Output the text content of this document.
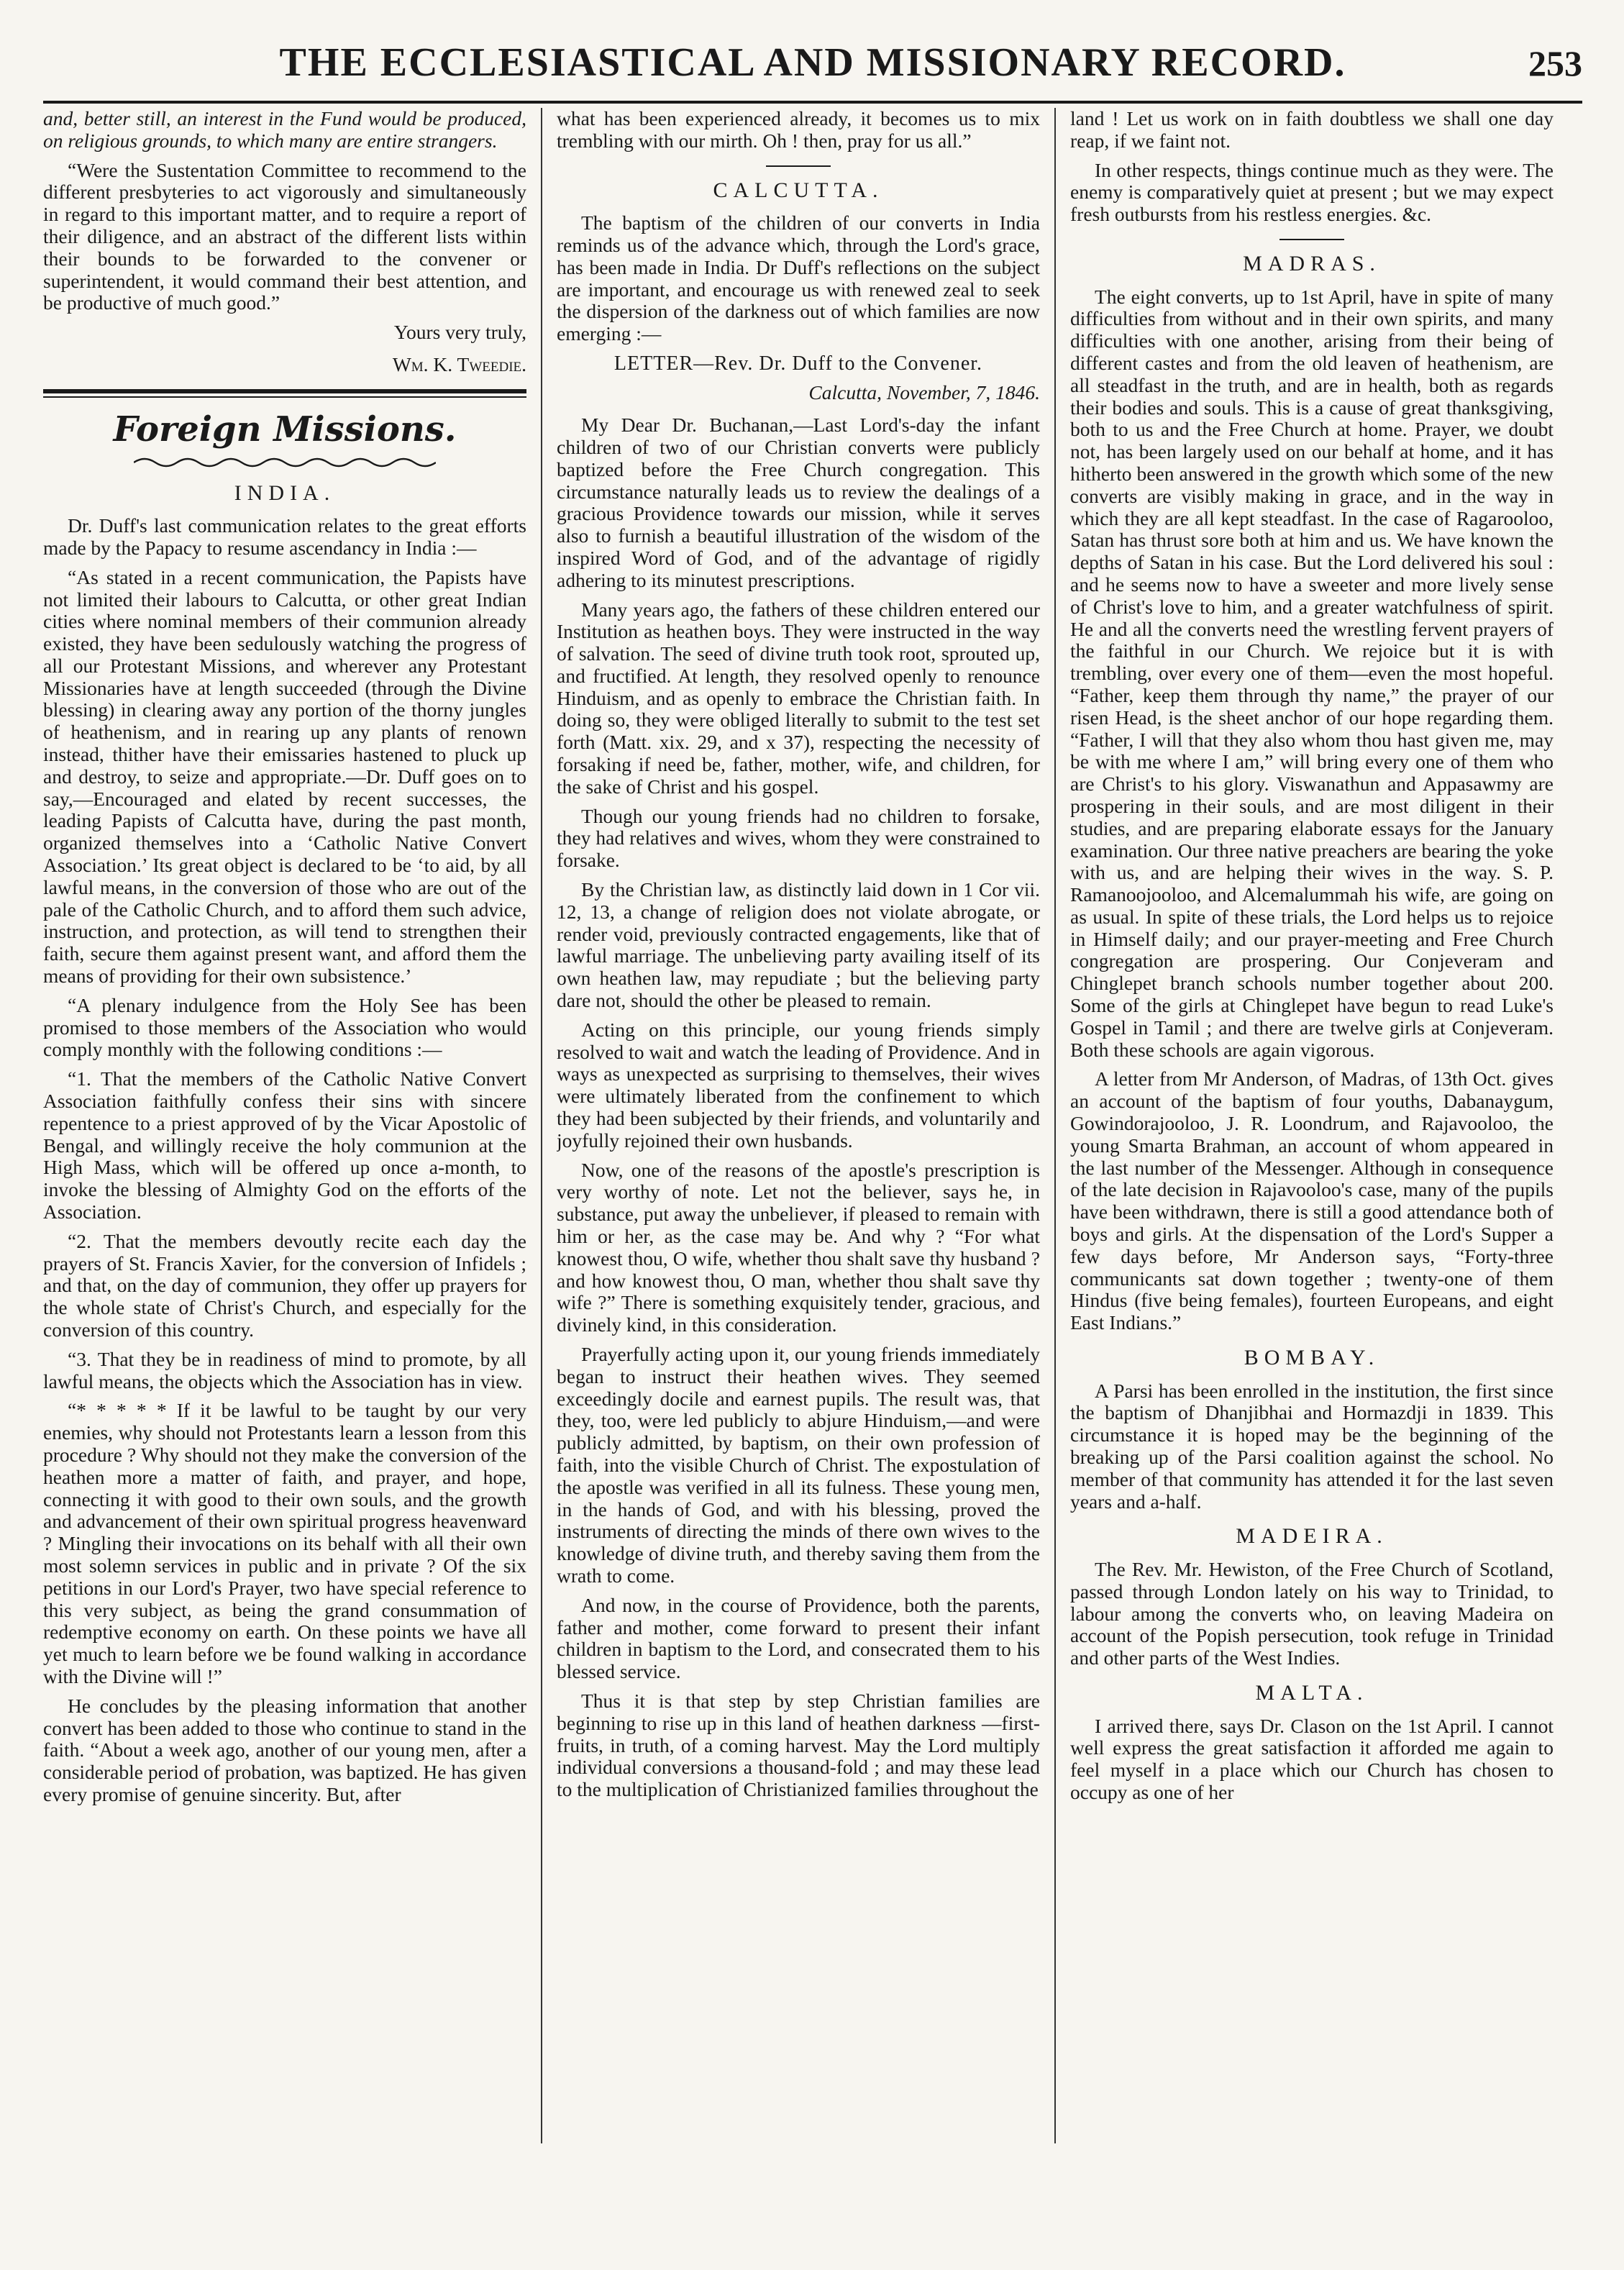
THE ECCLESIASTICAL AND MISSIONARY RECORD.	253

and, better still, an interest in the Fund would be produced, on religious grounds, to which many are entire strangers.

“Were the Sustentation Committee to recommend to the different presbyteries to act vigorously and simultaneously in regard to this important matter, and to require a report of their diligence, and an abstract of the different lists within their bounds to be forwarded to the convener or superintendent, it would command their best attention, and be productive of much good.”

Yours very truly,

Wm. K. Tweedie.

Foreign Missions.
INDIA.

Dr. Duff's last communication relates to the great efforts made by the Papacy to resume ascendancy in India :—

“As stated in a recent communication, the Papists have not limited their labours to Calcutta, or other great Indian cities where nominal members of their communion already existed, they have been sedulously watching the progress of all our Protestant Missions, and wherever any Protestant Missionaries have at length succeeded (through the Divine blessing) in clearing away any portion of the thorny jungles of heathenism, and in rearing up any plants of renown instead, thither have their emissaries hastened to pluck up and destroy, to seize and appropriate.—Dr. Duff goes on to say,—Encouraged and elated by recent successes, the leading Papists of Calcutta have, during the past month, organized themselves into a ‘Catholic Native Convert Association.’ Its great object is declared to be ‘to aid, by all lawful means, in the conversion of those who are out of the pale of the Catholic Church, and to afford them such advice, instruction, and protection, as will tend to strengthen their faith, secure them against present want, and afford them the means of providing for their own subsistence.’

“A plenary indulgence from the Holy See has been promised to those members of the Association who would comply monthly with the following conditions :—

“1. That the members of the Catholic Native Convert Association faithfully confess their sins with sincere repentence to a priest approved of by the Vicar Apostolic of Bengal, and willingly receive the holy communion at the High Mass, which will be offered up once a-month, to invoke the blessing of Almighty God on the efforts of the Association.

“2. That the members devoutly recite each day the prayers of St. Francis Xavier, for the conversion of Infidels ; and that, on the day of communion, they offer up prayers for the whole state of Christ's Church, and especially for the conversion of this country.

“3. That they be in readiness of mind to promote, by all lawful means, the objects which the Association has in view.

“* * * * * If it be lawful to be taught by our very enemies, why should not Protestants learn a lesson from this procedure ? Why should not they make the conversion of the heathen more a matter of faith, and prayer, and hope, connecting it with good to their own souls, and the growth and advancement of their own spiritual progress heavenward ? Mingling their invocations on its behalf with all their own most solemn services in public and in private ? Of the six petitions in our Lord's Prayer, two have special reference to this very subject, as being the grand consummation of redemptive economy on earth. On these points we have all yet much to learn before we be found walking in accordance with the Divine will !”

He concludes by the pleasing information that another convert has been added to those who continue to stand in the faith. “About a week ago, another of our young men, after a considerable period of probation, was baptized. He has given every promise of genuine sincerity. But, after

what has been experienced already, it becomes us to mix trembling with our mirth. Oh ! then, pray for us all.”

CALCUTTA.

The baptism of the children of our converts in India reminds us of the advance which, through the Lord's grace, has been made in India. Dr Duff's reflections on the subject are important, and encourage us with renewed zeal to seek the dispersion of the darkness out of which families are now emerging :—

LETTER—Rev. Dr. Duff to the Convener.

Calcutta, November, 7, 1846.

My Dear Dr. Buchanan,—Last Lord's-day the infant children of two of our Christian converts were publicly baptized before the Free Church congregation. This circumstance naturally leads us to review the dealings of a gracious Providence towards our mission, while it serves also to furnish a beautiful illustration of the wisdom of the inspired Word of God, and of the advantage of rigidly adhering to its minutest prescriptions.

Many years ago, the fathers of these children entered our Institution as heathen boys. They were instructed in the way of salvation. The seed of divine truth took root, sprouted up, and fructified. At length, they resolved openly to renounce Hinduism, and as openly to embrace the Christian faith. In doing so, they were obliged literally to submit to the test set forth (Matt. xix. 29, and x 37), respecting the necessity of forsaking if need be, father, mother, wife, and children, for the sake of Christ and his gospel.

Though our young friends had no children to forsake, they had relatives and wives, whom they were constrained to forsake.

By the Christian law, as distinctly laid down in 1 Cor vii. 12, 13, a change of religion does not violate abrogate, or render void, previously contracted engagements, like that of lawful marriage. The unbelieving party availing itself of its own heathen law, may repudiate ; but the believing party dare not, should the other be pleased to remain.

Acting on this principle, our young friends simply resolved to wait and watch the leading of Providence. And in ways as unexpected as surprising to themselves, their wives were ultimately liberated from the confinement to which they had been subjected by their friends, and voluntarily and joyfully rejoined their own husbands.

Now, one of the reasons of the apostle's prescription is very worthy of note. Let not the believer, says he, in substance, put away the unbeliever, if pleased to remain with him or her, as the case may be. And why ? “For what knowest thou, O wife, whether thou shalt save thy husband ? and how knowest thou, O man, whether thou shalt save thy wife ?” There is something exquisitely tender, gracious, and divinely kind, in this consideration.

Prayerfully acting upon it, our young friends immediately began to instruct their heathen wives. They seemed exceedingly docile and earnest pupils. The result was, that they, too, were led publicly to abjure Hinduism,—and were publicly admitted, by baptism, on their own profession of faith, into the visible Church of Christ. The expostulation of the apostle was verified in all its fulness. These young men, in the hands of God, and with his blessing, proved the instruments of directing the minds of there own wives to the knowledge of divine truth, and thereby saving them from the wrath to come.

And now, in the course of Providence, both the parents, father and mother, come forward to present their infant children in baptism to the Lord, and consecrated them to his blessed service.

Thus it is that step by step Christian families are beginning to rise up in this land of heathen darkness —first-fruits, in truth, of a coming harvest. May the Lord multiply individual conversions a thousand-fold ; and may these lead to the multiplication of Christianized families throughout the

land ! Let us work on in faith doubtless we shall one day reap, if we faint not.

In other respects, things continue much as they were. The enemy is comparatively quiet at present ; but we may expect fresh outbursts from his restless energies. &c.

MADRAS.

The eight converts, up to 1st April, have in spite of many difficulties from without and in their own spirits, and many difficulties with one another, arising from their being of different castes and from the old leaven of heathenism, are all steadfast in the truth, and are in health, both as regards their bodies and souls. This is a cause of great thanksgiving, both to us and the Free Church at home. Prayer, we doubt not, has been largely used on our behalf at home, and it has hitherto been answered in the growth which some of the new converts are visibly making in grace, and in the way in which they are all kept steadfast. In the case of Ragarooloo, Satan has thrust sore both at him and us. We have known the depths of Satan in his case. But the Lord delivered his soul : and he seems now to have a sweeter and more lively sense of Christ's love to him, and a greater watchfulness of spirit. He and all the converts need the wrestling fervent prayers of the faithful in our Church. We rejoice but it is with trembling, over every one of them—even the most hopeful. “Father, keep them through thy name,” the prayer of our risen Head, is the sheet anchor of our hope regarding them. “Father, I will that they also whom thou hast given me, may be with me where I am,” will bring every one of them who are Christ's to his glory. Viswanathun and Appasawmy are prospering in their souls, and are most diligent in their studies, and are preparing elaborate essays for the January examination. Our three native preachers are bearing the yoke with us, and are helping their wives in the way. S. P. Ramanoojooloo, and Alcemalummah his wife, are going on as usual. In spite of these trials, the Lord helps us to rejoice in Himself daily; and our prayer-meeting and Free Church congregation are prospering. Our Conjeveram and Chinglepet branch schools number together about 200. Some of the girls at Chinglepet have begun to read Luke's Gospel in Tamil ; and there are twelve girls at Conjeveram. Both these schools are again vigorous.

A letter from Mr Anderson, of Madras, of 13th Oct. gives an account of the baptism of four youths, Dabanaygum, Gowindorajooloo, J. R. Loondrum, and Rajavooloo, the young Smarta Brahman, an account of whom appeared in the last number of the Messenger. Although in consequence of the late decision in Rajavooloo's case, many of the pupils have been withdrawn, there is still a good attendance both of boys and girls. At the dispensation of the Lord's Supper a few days before, Mr Anderson says, “Forty-three communicants sat down together ; twenty-one of them Hindus (five being females), fourteen Europeans, and eight East Indians.”

BOMBAY.

A Parsi has been enrolled in the institution, the first since the baptism of Dhanjibhai and Hormazdji in 1839. This circumstance it is hoped may be the beginning of the breaking up of the Parsi coalition against the school. No member of that community has attended it for the last seven years and a-half.

MADEIRA.

The Rev. Mr. Hewiston, of the Free Church of Scotland, passed through London lately on his way to Trinidad, to labour among the converts who, on leaving Madeira on account of the Popish persecution, took refuge in Trinidad and other parts of the West Indies.

MALTA.

I arrived there, says Dr. Clason on the 1st April. I cannot well express the great satisfaction it afforded me again to feel myself in a place which our Church has chosen to occupy as one of her
